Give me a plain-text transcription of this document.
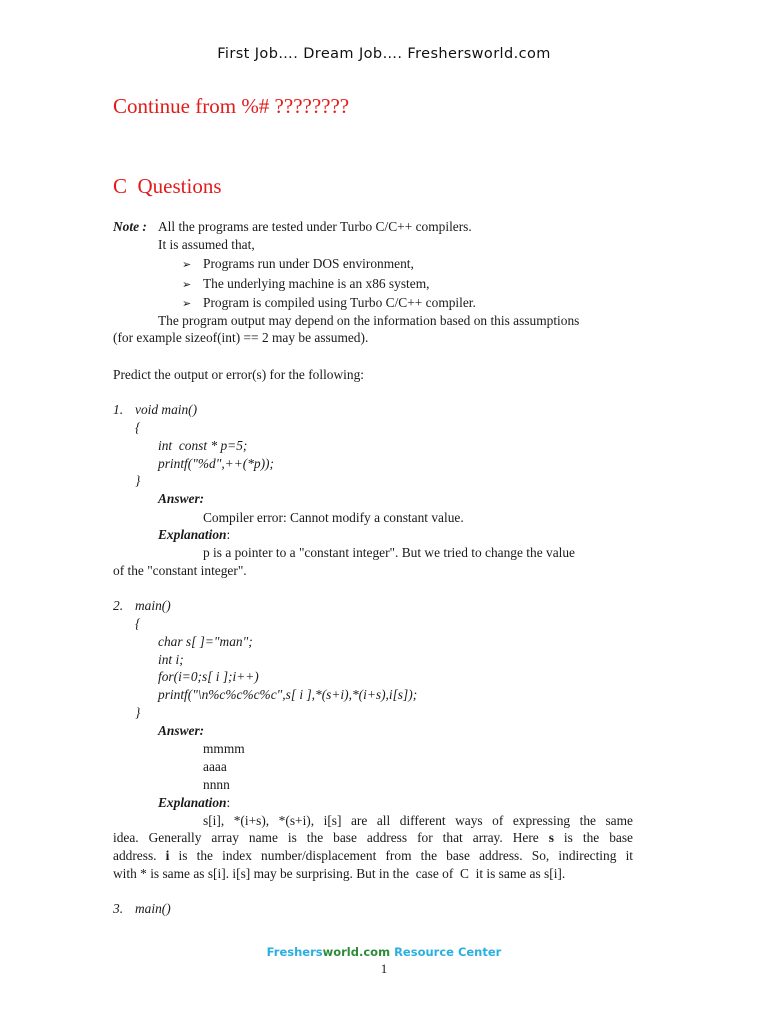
First Job…. Dream Job…. Freshersworld.com
Continue from %# ????????
C  Questions
Note : All the programs are tested under Turbo C/C++ compilers.
It is assumed that,
➢ Programs run under DOS environment,
➢ The underlying machine is an x86 system,
➢ Program is compiled using Turbo C/C++ compiler.
The program output may depend on the information based on this assumptions
(for example sizeof(int) == 2 may be assumed).
Predict the output or error(s) for the following:
1. void main()
{
int  const * p=5;
printf("%d",++(*p));
}
Answer:
Compiler error: Cannot modify a constant value.
Explanation:
p is a pointer to a "constant integer". But we tried to change the value
of the "constant integer".
2. main()
{
char s[ ]="man";
int i;
for(i=0;s[ i ];i++)
printf("\n%c%c%c%c",s[ i ],*(s+i),*(i+s),i[s]);
}
Answer:
mmmm
aaaa
nnnn
Explanation:
s[i], *(i+s), *(s+i), i[s] are all different ways of expressing the same
idea. Generally array name is the base address for that array. Here s is the base
address. i is the index number/displacement from the base address. So, indirecting it
with * is same as s[i]. i[s] may be surprising. But in the  case of  C  it is same as s[i].
3. main()
Freshersworld.com Resource Center
1
